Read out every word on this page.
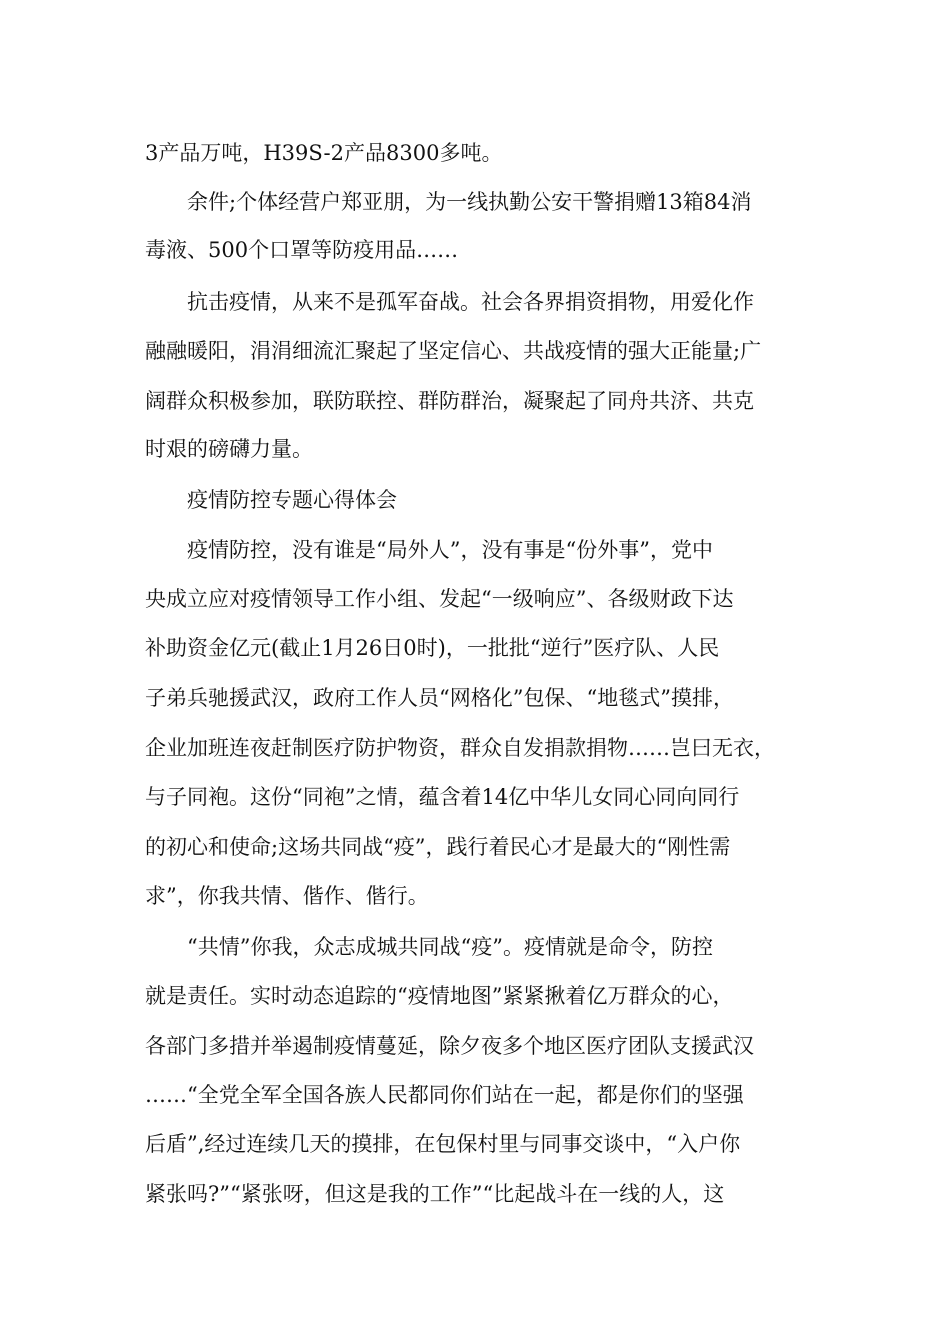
3产品万吨，H39S-2产品8300多吨。
余件;个体经营户郑亚朋，为一线执勤公安干警捐赠13箱84消
毒液、500个口罩等防疫用品……
抗击疫情，从来不是孤军奋战。社会各界捐资捐物，用爱化作
融融暖阳，涓涓细流汇聚起了坚定信心、共战疫情的强大正能量;广
阔群众积极参加，联防联控、群防群治，凝聚起了同舟共济、共克
时艰的磅礴力量。
疫情防控专题心得体会
疫情防控，没有谁是“局外人”，没有事是“份外事”，党中
央成立应对疫情领导工作小组、发起“一级响应”、各级财政下达
补助资金亿元(截止1月26日0时)，一批批“逆行”医疗队、人民
子弟兵驰援武汉，政府工作人员“网格化”包保、“地毯式”摸排，
企业加班连夜赶制医疗防护物资，群众自发捐款捐物……岂曰无衣，
与子同袍。这份“同袍”之情，蕴含着14亿中华儿女同心同向同行
的初心和使命;这场共同战“疫”，践行着民心才是最大的“刚性需
求”，你我共情、偕作、偕行。
“共情”你我，众志成城共同战“疫”。疫情就是命令，防控
就是责任。实时动态追踪的“疫情地图”紧紧揪着亿万群众的心，
各部门多措并举遏制疫情蔓延，除夕夜多个地区医疗团队支援武汉
……“全党全军全国各族人民都同你们站在一起，都是你们的坚强
后盾”,经过连续几天的摸排，在包保村里与同事交谈中，“入户你
紧张吗?”“紧张呀，但这是我的工作”“比起战斗在一线的人，这
